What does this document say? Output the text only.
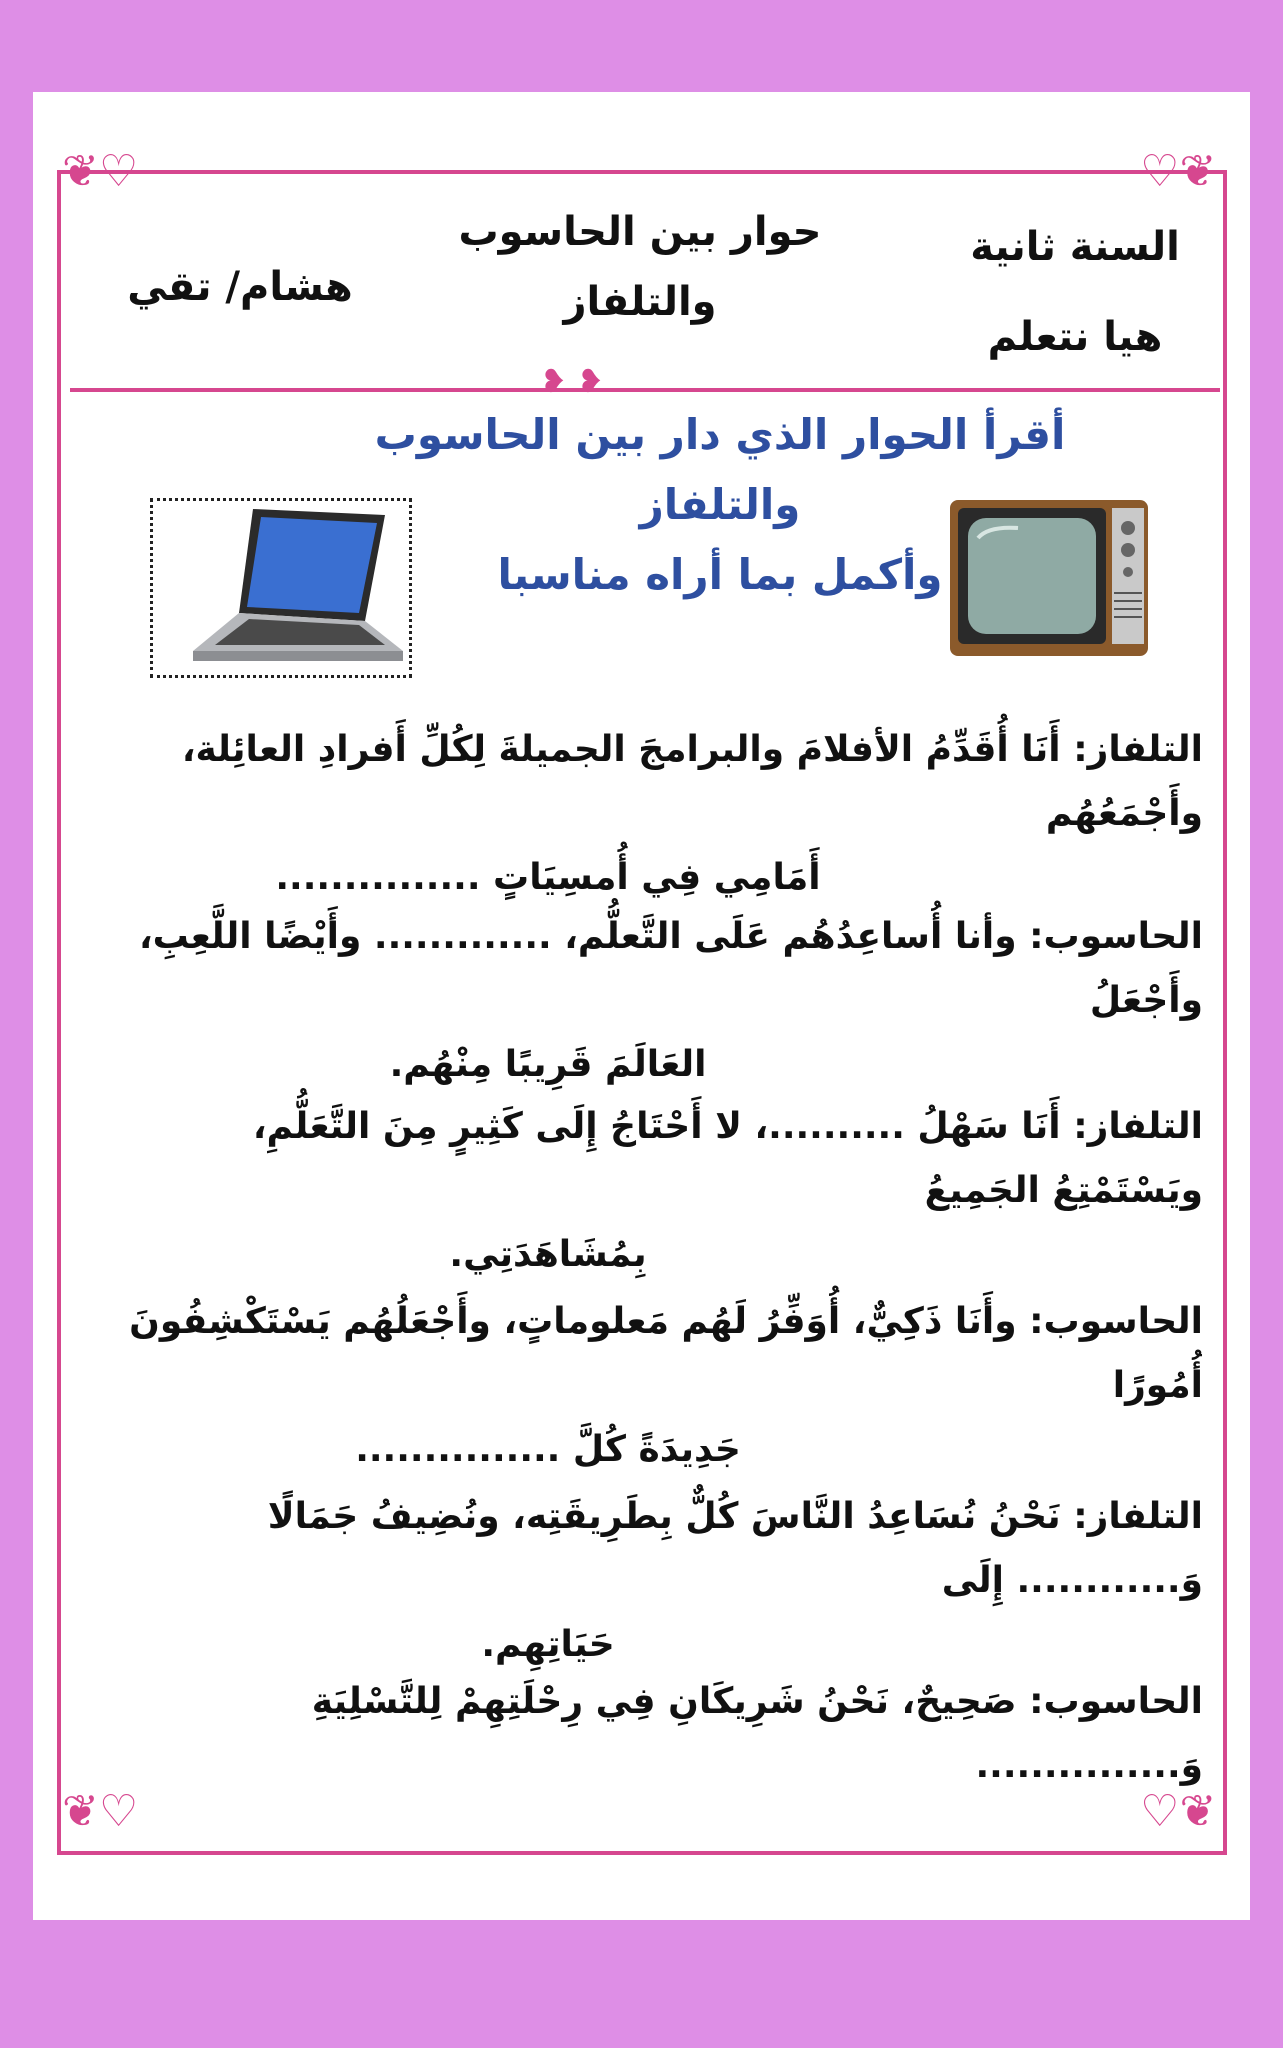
♡❦	❦♡
♡❦	❦♡
❥ ❥
السنة ثانية
هيا نتعلم
حوار بين الحاسوب
والتلفاز
هشام/ تقي
أقرأ الحوار الذي دار بين الحاسوب والتلفاز
وأكمل بما أراه مناسبا
التلفاز: أَنَا أُقَدِّمُ الأفلامَ والبرامجَ الجميلةَ لِكُلِّ أَفرادِ العائِلة، وأَجْمَعُهُم
أَمَامِي فِي أُمسِيَاتٍ ...............
الحاسوب: وأنا أُساعِدُهُم عَلَى التَّعلُّم، ............. وأَيْضًا اللَّعِبِ، وأَجْعَلُ
العَالَمَ قَرِيبًا مِنْهُم.
التلفاز: أَنَا سَهْلُ ..........، لا أَحْتَاجُ إِلَى كَثِيرٍ مِنَ التَّعَلُّمِ، ويَسْتَمْتِعُ الجَمِيعُ
بِمُشَاهَدَتِي.
الحاسوب: وأَنَا ذَكِيٌّ، أُوَفِّرُ لَهُم مَعلوماتٍ، وأَجْعَلُهُم يَسْتَكْشِفُونَ أُمُورًا
جَدِيدَةً كُلَّ ...............
التلفاز: نَحْنُ نُسَاعِدُ النَّاسَ كُلٌّ بِطَرِيقَتِه، ونُضِيفُ جَمَالًا وَ............ إِلَى
حَيَاتِهِم.
الحاسوب: صَحِيحٌ، نَحْنُ شَرِيكَانِ فِي رِحْلَتِهِمْ لِلتَّسْلِيَةِ وَ...............
